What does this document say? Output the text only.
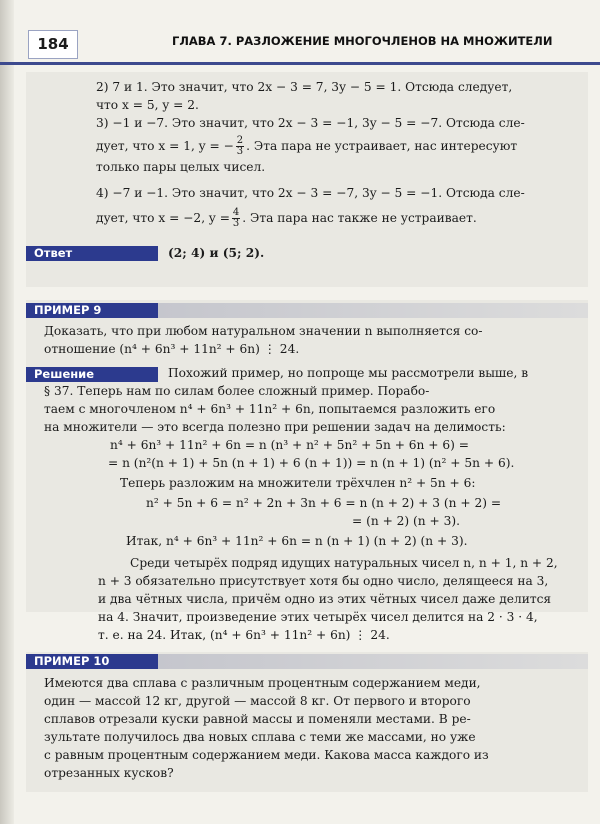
184	ГЛАВА 7. РАЗЛОЖЕНИЕ МНОГОЧЛЕНОВ НА МНОЖИТЕЛИ
2) 7 и 1. Это значит, что 2x − 3 = 7, 3y − 5 = 1. Отсюда следует,
что x = 5, y = 2.
3) −1 и −7. Это значит, что 2x − 3 = −1, 3y − 5 = −7. Отсюда сле-
дует, что x = 1, y = − $\frac{2}{3}$ . Эта пара не устраивает, нас интересуют
только пары целых чисел.
4) −7 и −1. Это значит, что 2x − 3 = −7, 3y − 5 = −1. Отсюда сле-
дует, что x = −2, $y = \frac{4}{3}$ . Эта пара нас также не устраивает.
Ответ	(2; 4) и (5; 2).
ПРИМЕР 9
Доказать, что при любом натуральном значении n выполняется со-
отношение (n⁴ + 6n³ + 11n² + 6n) ⋮ 24.
Решение	Похожий пример, но попроще мы рассмотрели выше, в
§ 37. Теперь нам по силам более сложный пример. Порабо-
таем с многочленом n⁴ + 6n³ + 11n² + 6n, попытаемся разложить его
на множители — это всегда полезно при решении задач на делимость:
n⁴ + 6n³ + 11n² + 6n = n (n³ + n² + 5n² + 5n + 6n + 6) =
= n (n²(n + 1) + 5n (n + 1) + 6 (n + 1)) = n (n + 1) (n² + 5n + 6).
Теперь разложим на множители трёхчлен n² + 5n + 6:
n² + 5n + 6 = n² + 2n + 3n + 6 = n (n + 2) + 3 (n + 2) =
= (n + 2) (n + 3).
Итак, n⁴ + 6n³ + 11n² + 6n = n (n + 1) (n + 2) (n + 3).
Среди четырёх подряд идущих натуральных чисел n, n + 1, n + 2,
n + 3 обязательно присутствует хотя бы одно число, делящееся на 3,
и два чётных числа, причём одно из этих чётных чисел даже делится
на 4. Значит, произведение этих четырёх чисел делится на 2 · 3 · 4,
т. е. на 24. Итак, (n⁴ + 6n³ + 11n² + 6n) ⋮ 24.
ПРИМЕР 10
Имеются два сплава с различным процентным содержанием меди,
один — массой 12 кг, другой — массой 8 кг. От первого и второго
сплавов отрезали куски равной массы и поменяли местами. В ре-
зультате получилось два новых сплава с теми же массами, но уже
с равным процентным содержанием меди. Какова масса каждого из
отрезанных кусков?
